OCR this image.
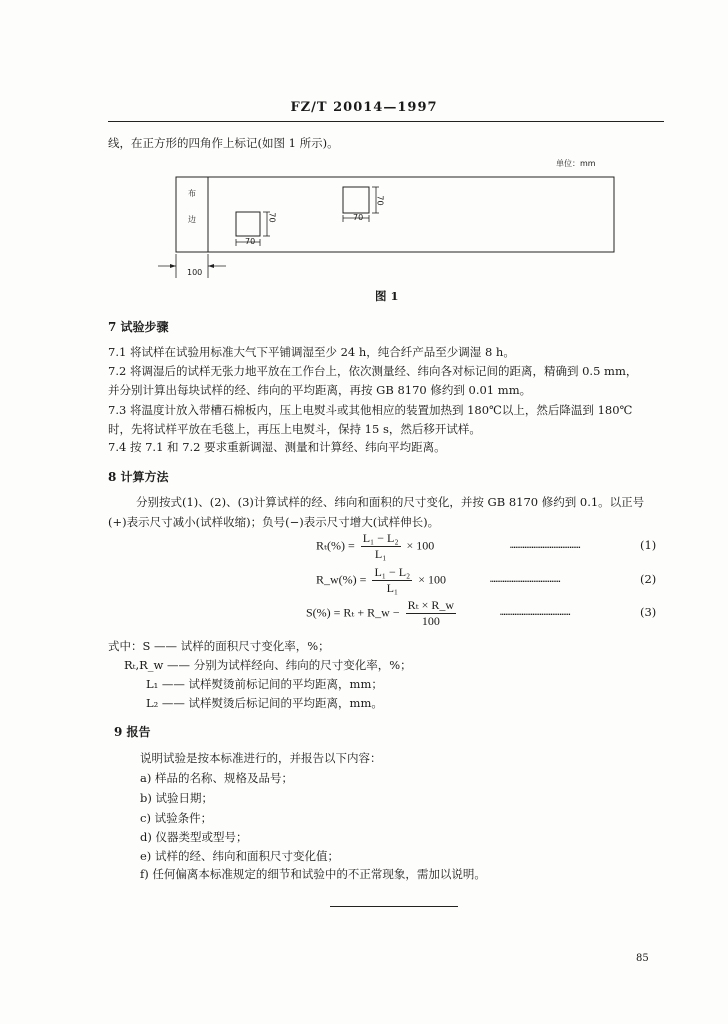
FZ/T 20014—1997
线，在正方形的四角作上标记(如图 1 所示)。
单位：mm
布
边
70
70	70
70
100
图 1
7 试验步骤
7.1 将试样在试验用标准大气下平铺调湿至少 24 h，纯合纤产品至少调湿 8 h。
7.2 将调湿后的试样无张力地平放在工作台上，依次测量经、纬向各对标记间的距离，精确到 0.5 mm，
并分别计算出每块试样的经、纬向的平均距离，再按 GB 8170 修约到 0.01 mm。
7.3 将温度计放入带槽石棉板内，压上电熨斗或其他相应的装置加热到 180℃以上，然后降温到 180℃
时，先将试样平放在毛毯上，再压上电熨斗，保持 15 s，然后移开试样。
7.4 按 7.1 和 7.2 要求重新调湿、测量和计算经、纬向平均距离。
8 计算方法
分别按式(1)、(2)、(3)计算试样的经、纬向和面积的尺寸变化，并按 GB 8170 修约到 0.1。以正号
(+)表示尺寸减小(试样收缩)；负号(−)表示尺寸增大(试样伸长)。
$R_t(\%) = \frac{\text{L₁ − L₂}}{\text{L₁}} \times 100$	…………………………………	(1)
R_w(%) = $\frac{\text{L₁ − L₂}}{\text{L₁}} \times 100$	…………………………………	(2)
S(%) = Rₜ + R_w − $\frac{\text{Rₜ × R\_w}}{100}$	…………………………………	(3)
式中：S —— 试样的面积尺寸变化率，%；
Rₜ,R_w —— 分别为试样经向、纬向的尺寸变化率，%；
L₁ —— 试样熨烫前标记间的平均距离，mm；
L₂ —— 试样熨烫后标记间的平均距离，mm。
9 报告
说明试验是按本标准进行的，并报告以下内容：
a) 样品的名称、规格及品号；
b) 试验日期；
c) 试验条件；
d) 仪器类型或型号；
e) 试样的经、纬向和面积尺寸变化值；
f) 任何偏离本标准规定的细节和试验中的不正常现象，需加以说明。
85
